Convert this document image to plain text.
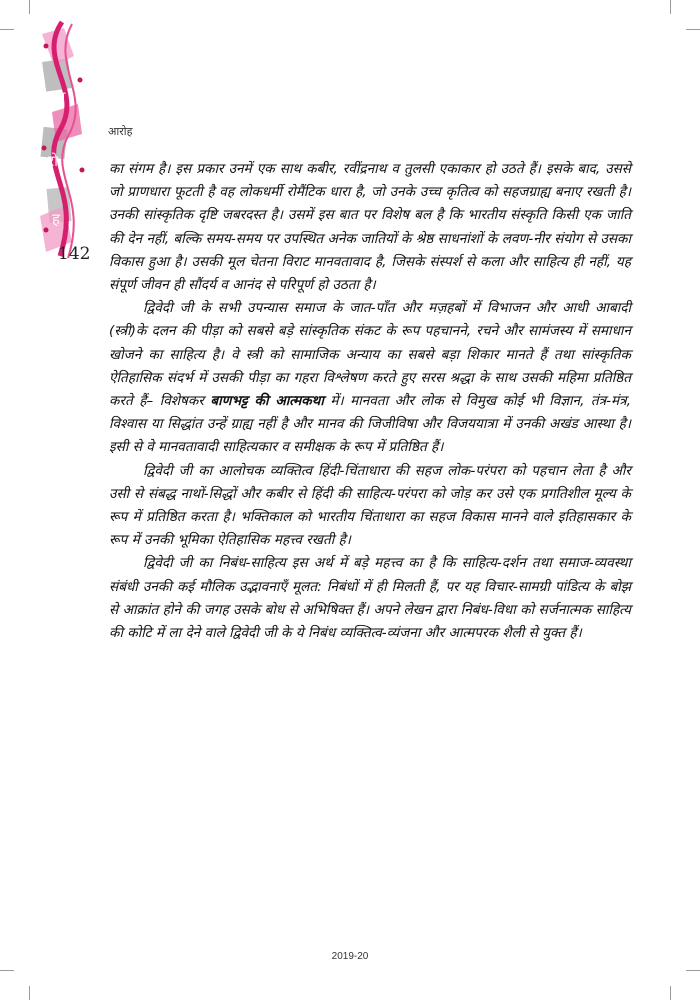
आ
रो
ह
142
आरोह

का संगम है। इस प्रकार उनमें एक साथ कबीर, रवींद्रनाथ व तुलसी एकाकार हो उठते हैं। इसके बाद, उससे जो प्राणधारा फूटती है वह लोकधर्मी रोमैंटिक धारा है, जो उनके उच्च कृतित्व को सहजग्राह्य बनाए रखती है। उनकी सांस्कृतिक दृष्टि जबरदस्त है। उसमें इस बात पर विशेष बल है कि भारतीय संस्कृति किसी एक जाति की देन नहीं, बल्कि समय-समय पर उपस्थित अनेक जातियों के श्रेष्ठ साधनांशों के लवण-नीर संयोग से उसका विकास हुआ है। उसकी मूल चेतना विराट मानवतावाद है, जिसके संस्पर्श से कला और साहित्य ही नहीं, यह संपूर्ण जीवन ही सौंदर्य व आनंद से परिपूर्ण हो उठता है।

द्विवेदी जी के सभी उपन्यास समाज के जात-पाँत और मज़हबों में विभाजन और आधी आबादी (स्त्री)के दलन की पीड़ा को सबसे बड़े सांस्कृतिक संकट के रूप पहचानने, रचने और सामंजस्य में समाधान खोजने का साहित्य है। वे स्त्री को सामाजिक अन्याय का सबसे बड़ा शिकार मानते हैं तथा सांस्कृतिक ऐतिहासिक संदर्भ में उसकी पीड़ा का गहरा विश्लेषण करते हुए सरस श्रद्धा के साथ उसकी महिमा प्रतिष्ठित करते हैं– विशेषकर बाणभट्ट की आत्मकथा में। मानवता और लोक से विमुख कोई भी विज्ञान, तंत्र-मंत्र, विश्वास या सिद्धांत उन्हें ग्राह्य नहीं है और मानव की जिजीविषा और विजययात्रा में उनकी अखंड आस्था है। इसी से वे मानवतावादी साहित्यकार व समीक्षक के रूप में प्रतिष्ठित हैं।

द्विवेदी जी का आलोचक व्यक्तित्व हिंदी-चिंताधारा की सहज लोक-परंपरा को पहचान लेता है और उसी से संबद्ध नाथों-सिद्धों और कबीर से हिंदी की साहित्य-परंपरा को जोड़ कर उसे एक प्रगतिशील मूल्य के रूप में प्रतिष्ठित करता है। भक्तिकाल को भारतीय चिंताधारा का सहज विकास मानने वाले इतिहासकार के रूप में उनकी भूमिका ऐतिहासिक महत्त्व रखती है।

द्विवेदी जी का निबंध-साहित्य इस अर्थ में बड़े महत्त्व का है कि साहित्य-दर्शन तथा समाज-व्यवस्था संबंधी उनकी कई मौलिक उद्भावनाएँ मूलत: निबंधों में ही मिलती हैं, पर यह विचार-सामग्री पांडित्य के बोझ से आक्रांत होने की जगह उसके बोध से अभिषिक्त हैं। अपने लेखन द्वारा निबंध-विधा को सर्जनात्मक साहित्य की कोटि में ला देने वाले द्विवेदी जी के ये निबंध व्यक्तित्व-व्यंजना और आत्मपरक शैली से युक्त हैं।

2019-20
